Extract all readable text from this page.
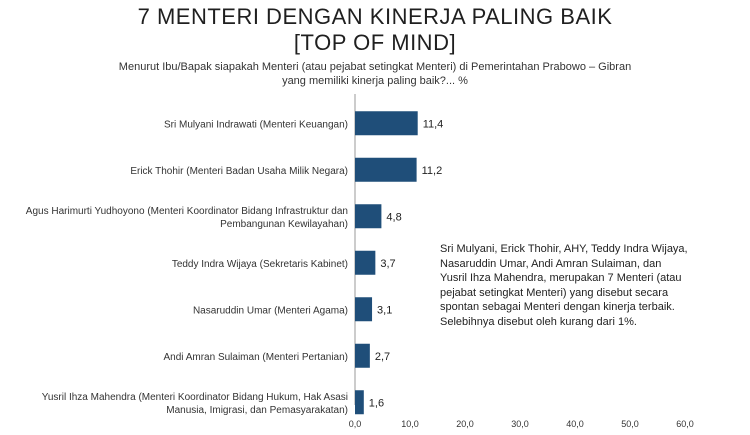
7 MENTERI DENGAN KINERJA PALING BAIK
[TOP OF MIND]
Menurut Ibu/Bapak siapakah Menteri (atau pejabat setingkat Menteri) di Pemerintahan Prabowo – Gibran
yang memiliki kinerja paling baik?... %
11,4
Sri Mulyani Indrawati (Menteri Keuangan)
11,2
Erick Thohir (Menteri Badan Usaha Milik Negara)
4,8
Agus Harimurti Yudhoyono (Menteri Koordinator Bidang Infrastruktur dan
Pembangunan Kewilayahan)
3,7
Teddy Indra Wijaya (Sekretaris Kabinet)
3,1
Nasaruddin Umar (Menteri Agama)
2,7
Andi Amran Sulaiman (Menteri Pertanian)
1,6
Yusril Ihza Mahendra (Menteri Koordinator Bidang Hukum, Hak Asasi
Manusia, Imigrasi, dan Pemasyarakatan)
0,0	10,0	20,0	30,0	40,0	50,0	60,0
Sri Mulyani, Erick Thohir, AHY, Teddy Indra Wijaya, Nasaruddin Umar, Andi Amran Sulaiman, dan Yusril Ihza Mahendra, merupakan 7 Menteri (atau pejabat setingkat Menteri) yang disebut secara spontan sebagai Menteri dengan kinerja terbaik. Selebihnya disebut oleh kurang dari 1%.
